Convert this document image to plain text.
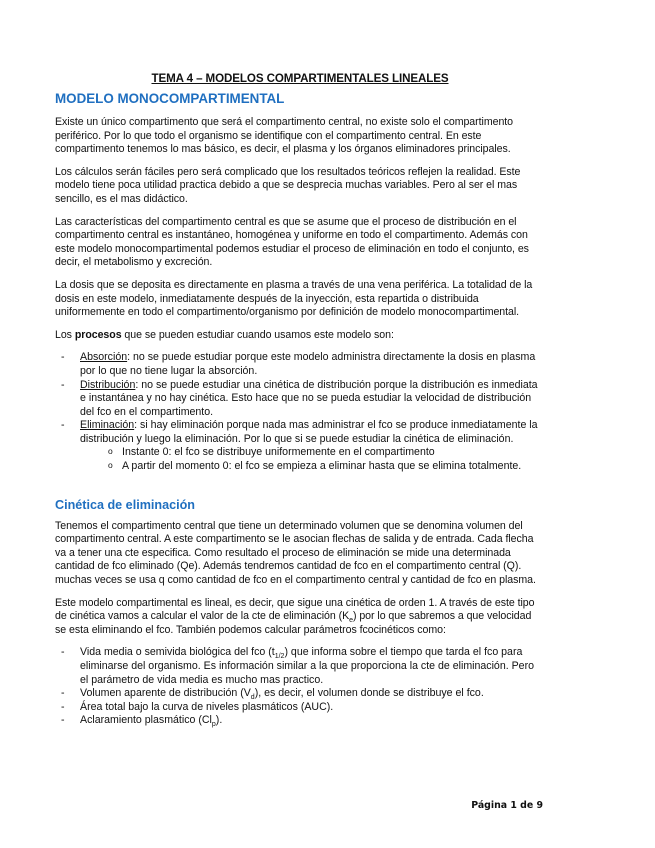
TEMA 4 – MODELOS COMPARTIMENTALES LINEALES
MODELO MONOCOMPARTIMENTAL

Existe un único compartimento que será el compartimento central, no existe solo el compartimento periférico. Por lo que todo el organismo se identifique con el compartimento central. En este compartimento tenemos lo mas básico, es decir, el plasma y los órganos eliminadores principales.

Los cálculos serán fáciles pero será complicado que los resultados teóricos reflejen la realidad. Este modelo tiene poca utilidad practica debido a que se desprecia muchas variables. Pero al ser el mas sencillo, es el mas didáctico.

Las características del compartimento central es que se asume que el proceso de distribución en el compartimento central es instantáneo, homogénea y uniforme en todo el compartimento. Además con este modelo monocompartimental podemos estudiar el proceso de eliminación en todo el conjunto, es decir, el metabolismo y excreción.

La dosis que se deposita es directamente en plasma a través de una vena periférica. La totalidad de la dosis en este modelo, inmediatamente después de la inyección, esta repartida o distribuida uniformemente en todo el compartimento/organismo por definición de modelo monocompartimental.

Los procesos que se pueden estudiar cuando usamos este modelo son:

- Absorción: no se puede estudiar porque este modelo administra directamente la dosis en plasma por lo que no tiene lugar la absorción.
- Distribución: no se puede estudiar una cinética de distribución porque la distribución es inmediata e instantánea y no hay cinética. Esto hace que no se pueda estudiar la velocidad de distribución del fco en el compartimento.
- Eliminación: si hay eliminación porque nada mas administrar el fco se produce inmediatamente la distribución y luego la eliminación. Por lo que si se puede estudiar la cinética de eliminación.
o Instante 0: el fco se distribuye uniformemente en el compartimento
o A partir del momento 0: el fco se empieza a eliminar hasta que se elimina totalmente.
Cinética de eliminación

Tenemos el compartimento central que tiene un determinado volumen que se denomina volumen del compartimento central. A este compartimento se le asocian flechas de salida y de entrada. Cada flecha va a tener una cte especifica. Como resultado el proceso de eliminación se mide una determinada cantidad de fco eliminado (Qe). Además tendremos cantidad de fco en el compartimento central (Q). muchas veces se usa q como cantidad de fco en el compartimento central y cantidad de fco en plasma.

Este modelo compartimental es lineal, es decir, que sigue una cinética de orden 1. A través de este tipo de cinética vamos a calcular el valor de la cte de eliminación $(K_e)$ por lo que sabremos a que velocidad se esta eliminando el fco. También podemos calcular parámetros fcocinéticos como:

- Vida media o semivida biológica del fco $(t_{1/2})$ que informa sobre el tiempo que tarda el fco para eliminarse del organismo. Es información similar a la que proporciona la cte de eliminación. Pero el parámetro de vida media es mucho mas practico.
- Volumen aparente de distribución $(V_d)$, es decir, el volumen donde se distribuye el fco.
- Área total bajo la curva de niveles plasmáticos (AUC).
- Aclaramiento plasmático $(Cl_p)$.
Página 1 de 9
